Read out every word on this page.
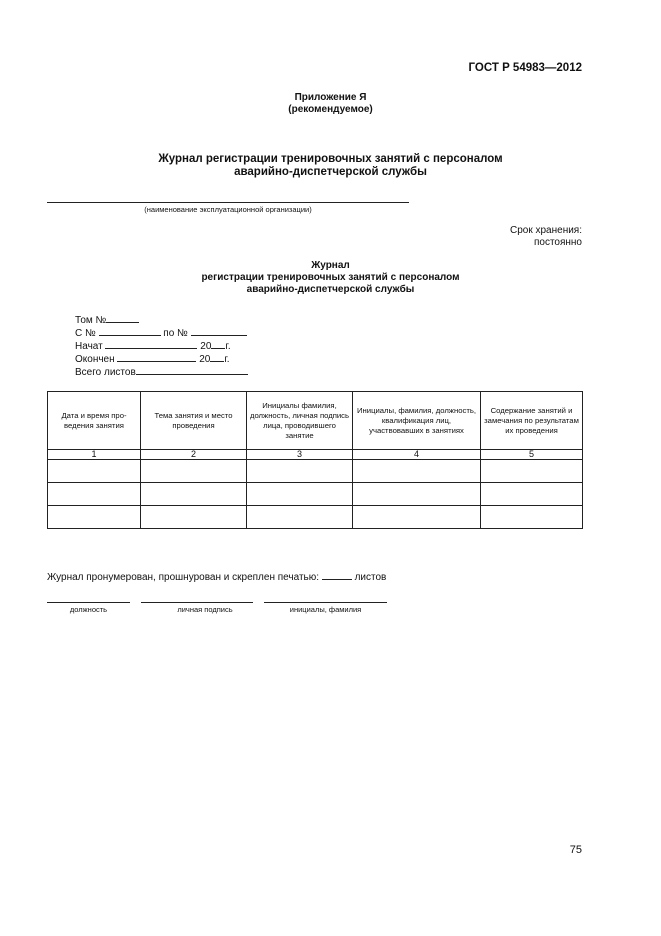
ГОСТ Р 54983—2012
Приложение Я
(рекомендуемое)
Журнал регистрации тренировочных занятий с персоналом
аварийно-диспетчерской службы
(наименование эксплуатационной организации)
Срок хранения:
постоянно
Журнал
регистрации тренировочных занятий с персоналом
аварийно-диспетчерской службы
Том №
С №	по №
Начат	20 г.
Окончен	20 г.
Всего листов
Дата и время про-ведения занятия	Тема занятия и место проведения	Инициалы фамилия, должность, личная подпись лица, проводившего занятие	Инициалы, фамилия, должность, квалификация лиц, участвовавших в занятиях	Содержание занятий и замечания по результатам их проведения
1	2	3	4	5

Журнал пронумерован, прошнурован и скреплен печатью:	листов
должность	личная подпись	инициалы, фамилия
75
